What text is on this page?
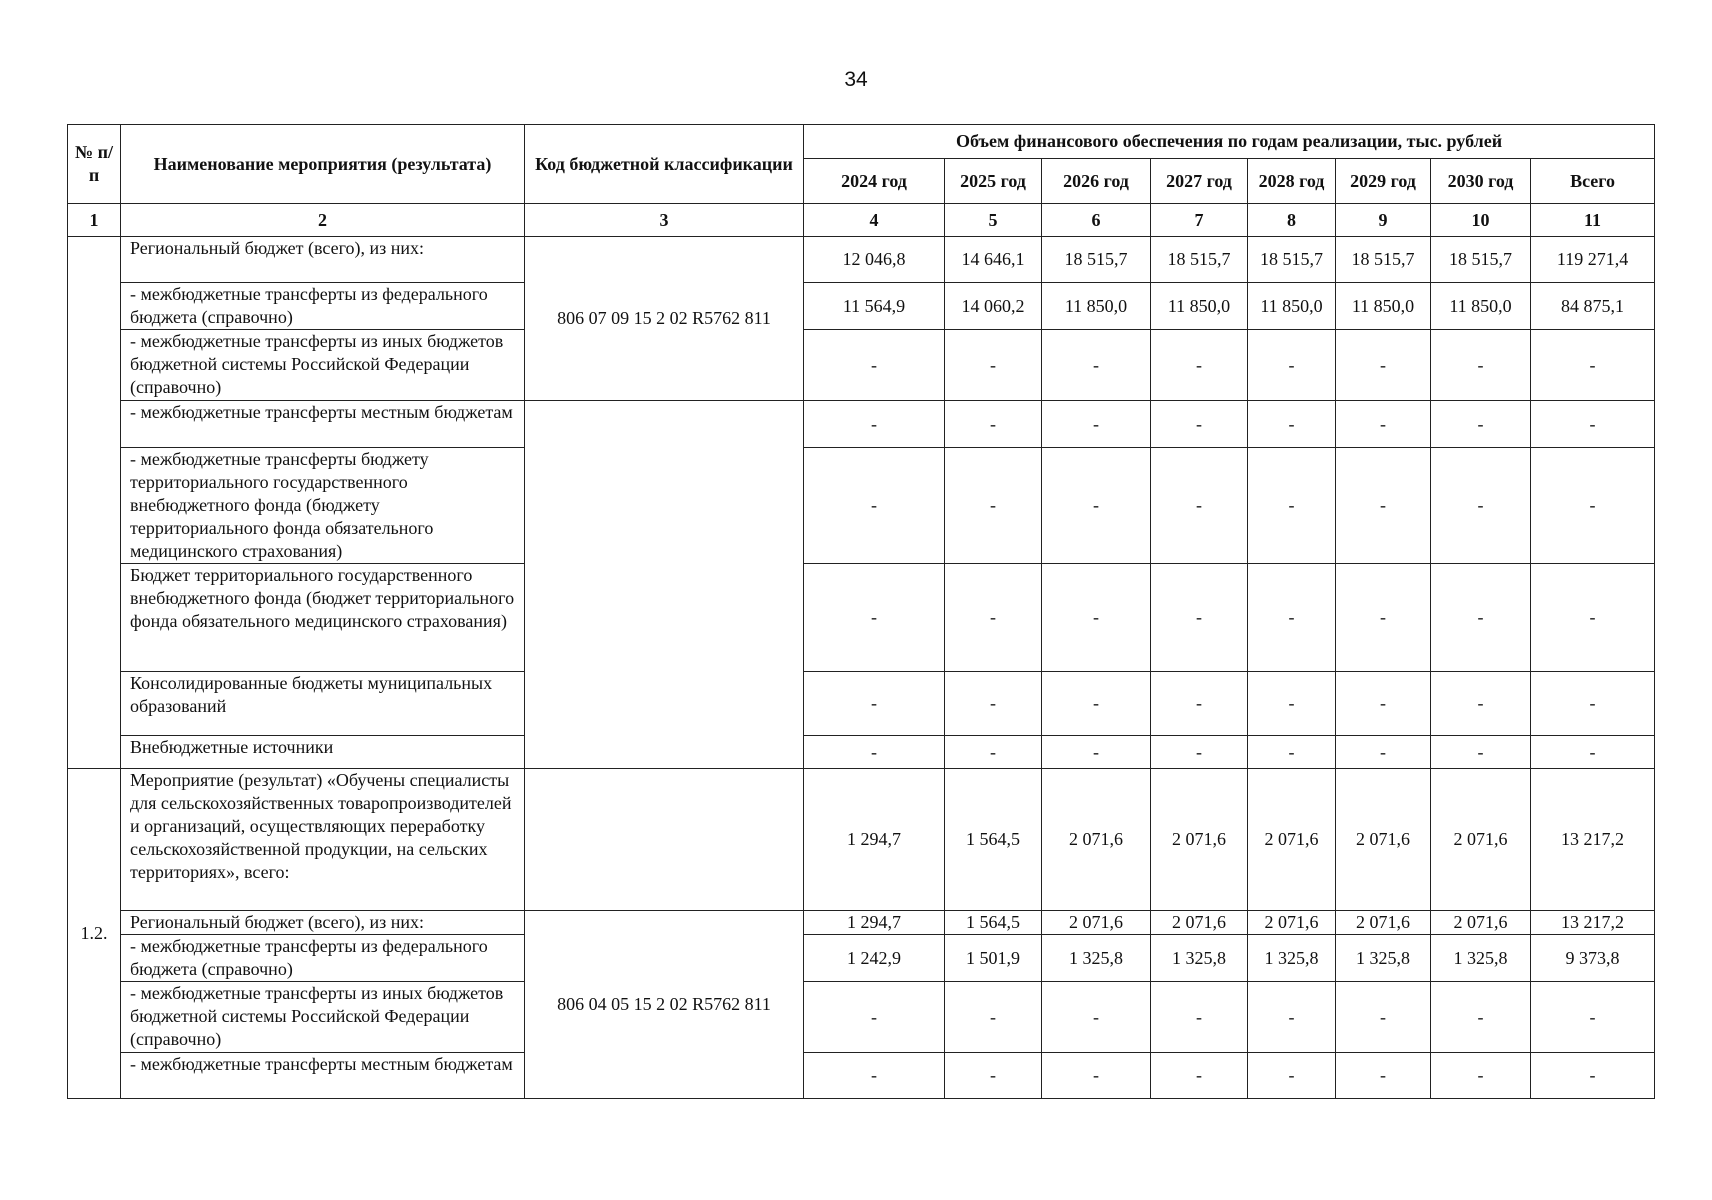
34
№ п/п	Наименование мероприятия (результата)	Код бюджетной классификации	Объем финансового обеспечения по годам реализации, тыс. рублей							
			2024 год	2025 год	2026 год	2027 год	2028 год	2029 год	2030 год	Всего
1	2	3	4	5	6	7	8	9	10	11
	Региональный бюджет (всего), из них:	806 07 09 15 2 02 R5762 811	12 046,8	14 646,1	18 515,7	18 515,7	18 515,7	18 515,7	18 515,7	119 271,4
	- межбюджетные трансферты из федерального бюджета (справочно)		11 564,9	14 060,2	11 850,0	11 850,0	11 850,0	11 850,0	11 850,0	84 875,1
	- межбюджетные трансферты из иных бюджетов бюджетной системы Российской Федерации (справочно)		-	-	-	-	-	-	-	-
	- межбюджетные трансферты местным бюджетам		-	-	-	-	-	-	-	-
	- межбюджетные трансферты бюджету территориального государственного внебюджетного фонда (бюджету территориального фонда обязательного медицинского страхования)		-	-	-	-	-	-	-	-
	Бюджет территориального государственного внебюджетного фонда (бюджет территориального фонда обязательного медицинского страхования)		-	-	-	-	-	-	-	-
	Консолидированные бюджеты муниципальных образований		-	-	-	-	-	-	-	-
	Внебюджетные источники		-	-	-	-	-	-	-	-
1.2.	Мероприятие (результат) «Обучены специалисты для сельскохозяйственных товаропроизводителей и организаций, осуществляющих переработку сельскохозяйственной продукции, на сельских территориях», всего:		1 294,7	1 564,5	2 071,6	2 071,6	2 071,6	2 071,6	2 071,6	13 217,2
	Региональный бюджет (всего), из них:	806 04 05 15 2 02 R5762 811	1 294,7	1 564,5	2 071,6	2 071,6	2 071,6	2 071,6	2 071,6	13 217,2
	- межбюджетные трансферты из федерального бюджета (справочно)		1 242,9	1 501,9	1 325,8	1 325,8	1 325,8	1 325,8	1 325,8	9 373,8
	- межбюджетные трансферты из иных бюджетов бюджетной системы Российской Федерации (справочно)		-	-	-	-	-	-	-	-
	- межбюджетные трансферты местным бюджетам		-	-	-	-	-	-	-	-
